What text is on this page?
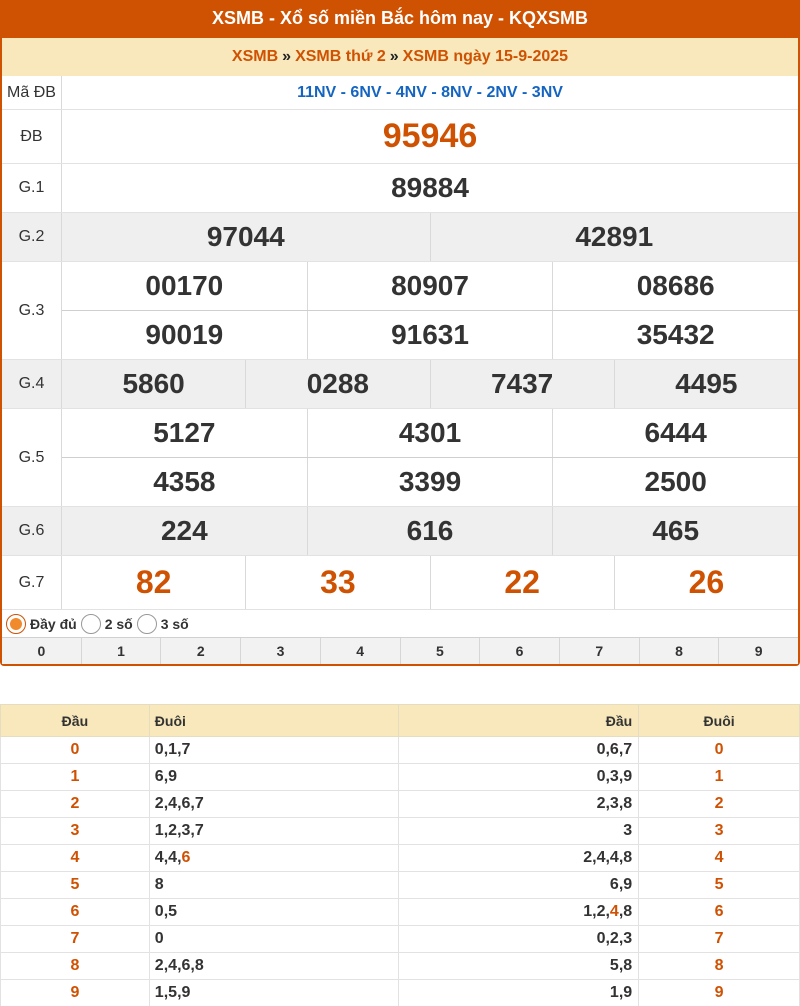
XSMB - Xổ số miền Bắc hôm nay - KQXSMB
XSMB » XSMB thứ 2 » XSMB ngày 15-9-2025
Mã ĐB	11NV - 6NV - 4NV - 8NV - 2NV - 3NV
ĐB	95946
G.1	89884
G.2	97044	42891
G.3
00170	80907	08686
90019	91631	35432
G.4	5860	0288	7437	4495
G.5
5127	4301	6444
4358	3399	2500
G.6	224	616	465
G.7	82	33	22	26
Đầy đủ 2 số 3 số
0	1	2	3	4	5	6	7	8	9
Đầu	Đuôi	Đầu	Đuôi
0	0,1,7	0,6,7	0
1	6,9	0,3,9	1
2	2,4,6,7	2,3,8	2
3	1,2,3,7	3	3
4	4,4,6	2,4,4,8	4
5	8	6,9	5
6	0,5	1,2,4,8	6
7	0	0,2,3	7
8	2,4,6,8	5,8	8
9	1,5,9	1,9	9
